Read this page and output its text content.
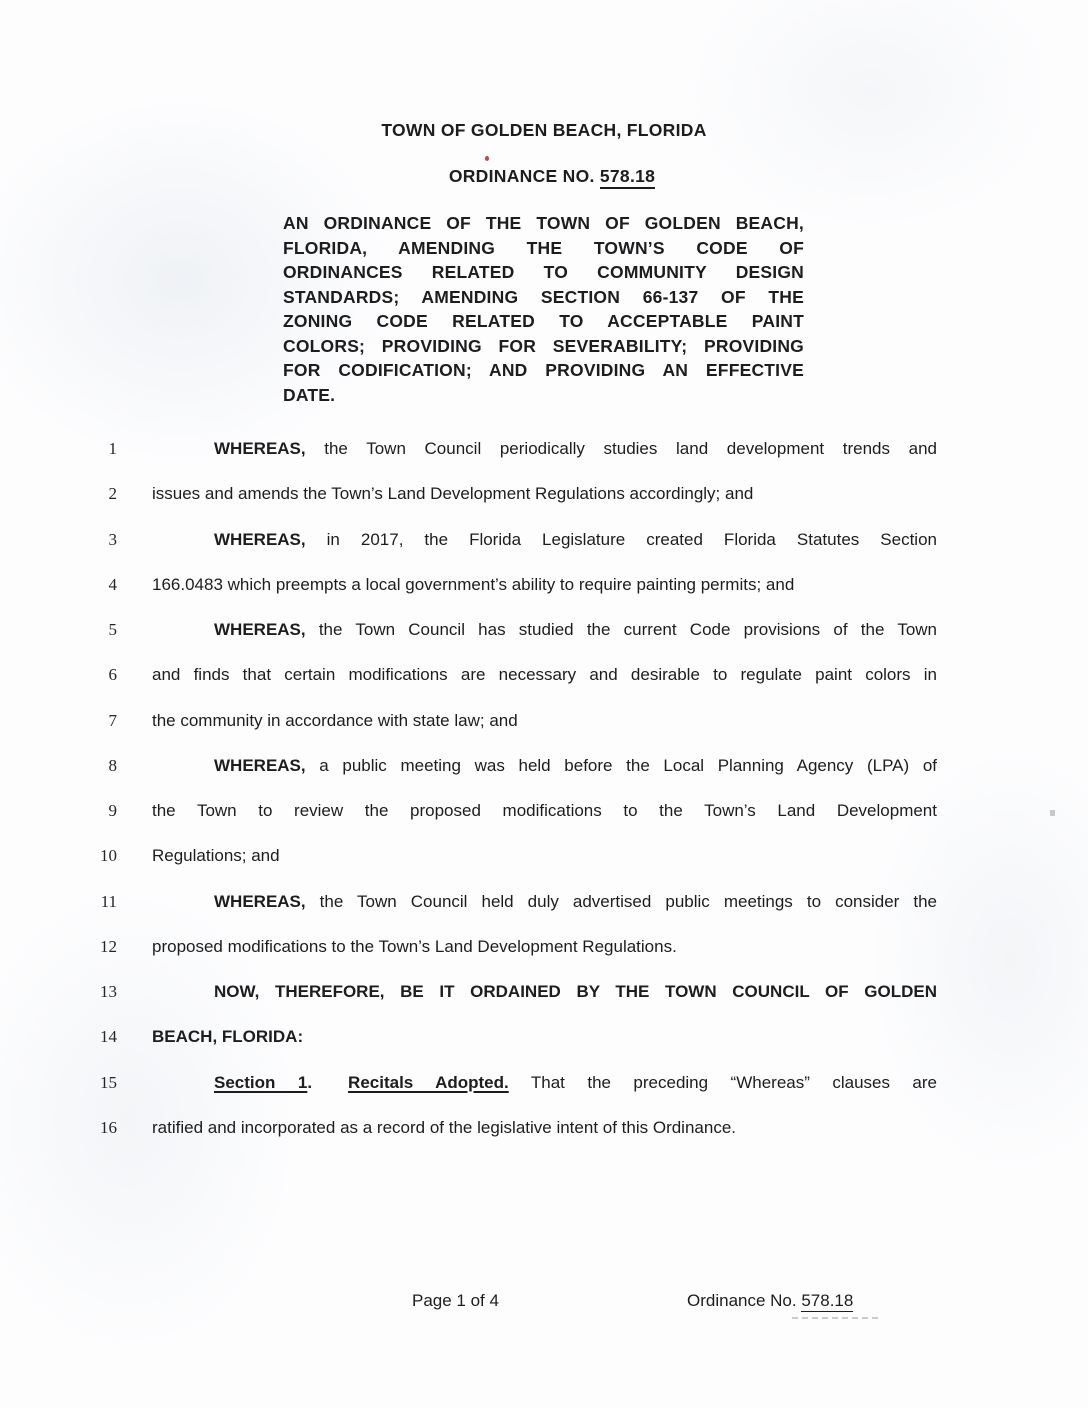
TOWN OF GOLDEN BEACH, FLORIDA
ORDINANCE NO. 578.18
AN ORDINANCE OF THE TOWN OF GOLDEN BEACH,
FLORIDA, AMENDING THE TOWN’S CODE OF
ORDINANCES RELATED TO COMMUNITY DESIGN
STANDARDS; AMENDING SECTION 66-137 OF THE
ZONING CODE RELATED TO ACCEPTABLE PAINT
COLORS; PROVIDING FOR SEVERABILITY; PROVIDING
FOR CODIFICATION; AND PROVIDING AN EFFECTIVE
DATE.
1	WHEREAS, the Town Council periodically studies land development trends and
2 issues and amends the Town’s Land Development Regulations accordingly; and
3	WHEREAS, in 2017, the Florida Legislature created Florida Statutes Section
4 166.0483 which preempts a local government’s ability to require painting permits; and
5	WHEREAS, the Town Council has studied the current Code provisions of the Town
6 and finds that certain modifications are necessary and desirable to regulate paint colors in
7 the community in accordance with state law; and
8	WHEREAS, a public meeting was held before the Local Planning Agency (LPA) of
9 the Town to review the proposed modifications to the Town’s Land Development
10 Regulations; and
11	WHEREAS, the Town Council held duly advertised public meetings to consider the
12 proposed modifications to the Town’s Land Development Regulations.
13	NOW, THEREFORE, BE IT ORDAINED BY THE TOWN COUNCIL OF GOLDEN
14 BEACH, FLORIDA:
15	Section 1. Recitals Adopted. That the preceding “Whereas” clauses are
16 ratified and incorporated as a record of the legislative intent of this Ordinance.
Page 1 of 4	Ordinance No. 578.18
